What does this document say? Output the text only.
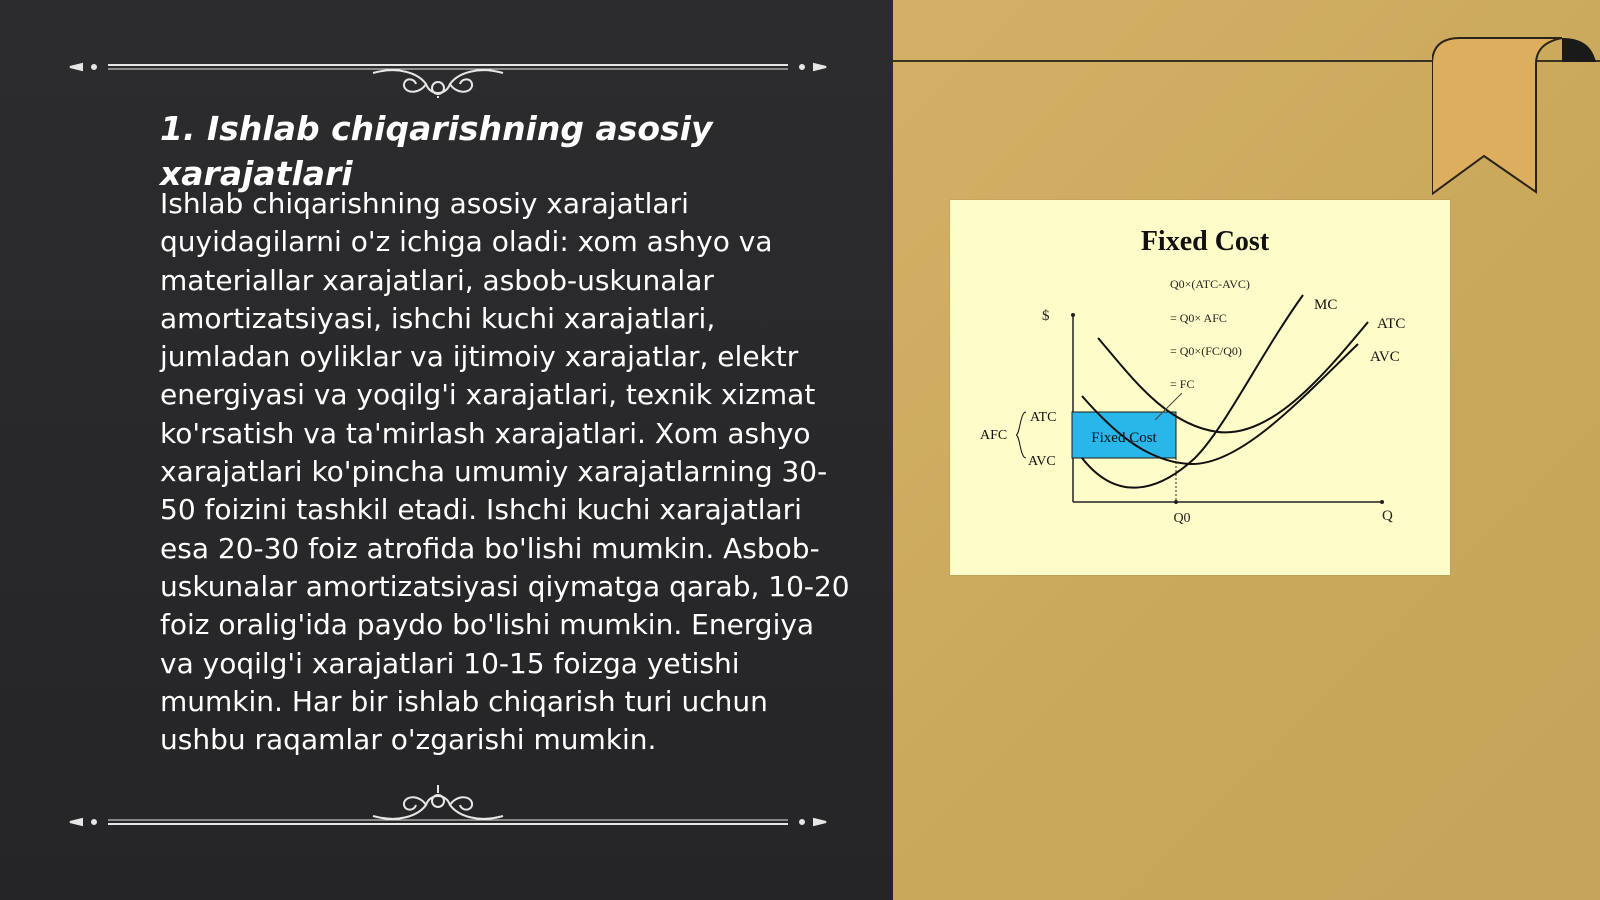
1. Ishlab chiqarishning asosiy xarajatlari

Ishlab chiqarishning asosiy xarajatlari quyidagilarni o'z ichiga oladi: xom ashyo va materiallar xarajatlari, asbob-uskunalar amortizatsiyasi, ishchi kuchi xarajatlari, jumladan oyliklar va ijtimoiy xarajatlar, elektr energiyasi va yoqilg'i xarajatlari, texnik xizmat ko'rsatish va ta'mirlash xarajatlari. Xom ashyo xarajatlari ko'pincha umumiy xarajatlarning 30-50 foizini tashkil etadi. Ishchi kuchi xarajatlari esa 20-30 foiz atrofida bo'lishi mumkin. Asbob-uskunalar amortizatsiyasi qiymatga qarab, 10-20 foiz oralig'ida paydo bo'lishi mumkin. Energiya va yoqilg'i xarajatlari 10-15 foizga yetishi mumkin. Har bir ishlab chiqarish turi uchun ushbu raqamlar o'zgarishi mumkin.

Fixed Cost
$
Q
Fixed Cost
Q0
MC
ATC
AVC
ATC
AVC
AFC
Q0×(ATC-AVC)
= Q0× AFC
= Q0×(FC/Q0)
= FC
